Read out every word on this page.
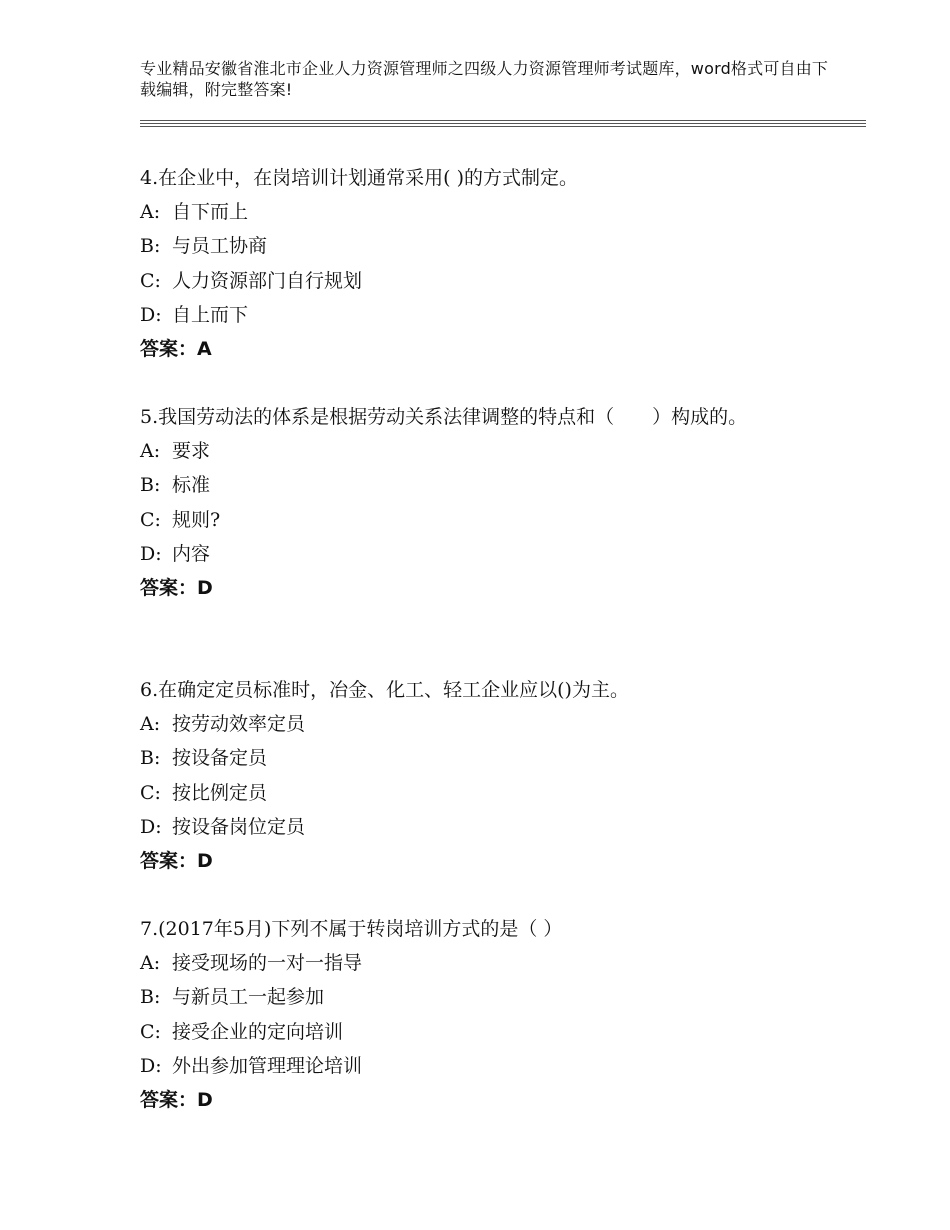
专业精品安徽省淮北市企业人力资源管理师之四级人力资源管理师考试题库，word格式可自由下载编辑，附完整答案!

4.在企业中，在岗培训计划通常采用( )的方式制定。

A: 自下而上

B: 与员工协商

C: 人力资源部门自行规划

D: 自上而下

答案：A

5.我国劳动法的体系是根据劳动关系法律调整的特点和（　　）构成的。

A: 要求

B: 标准

C: 规则?

D: 内容

答案：D

6.在确定定员标准时，冶金、化工、轻工企业应以()为主。

A: 按劳动效率定员

B: 按设备定员

C: 按比例定员

D: 按设备岗位定员

答案：D

7.(2017年5月)下列不属于转岗培训方式的是（ ）

A: 接受现场的一对一指导

B: 与新员工一起参加

C: 接受企业的定向培训

D: 外出参加管理理论培训

答案：D
